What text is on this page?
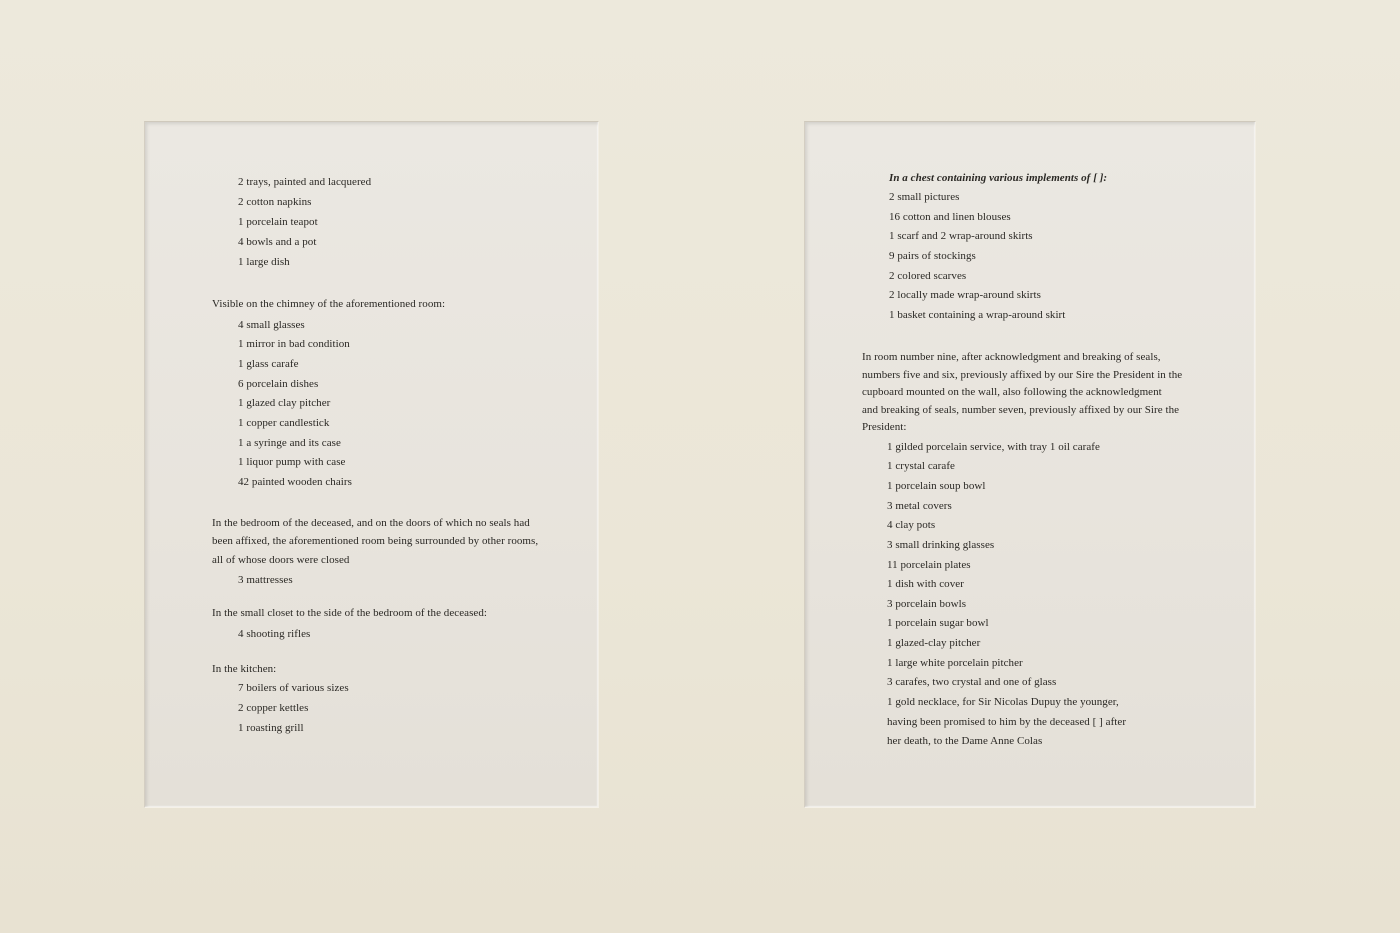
2 trays, painted and lacquered
2 cotton napkins
1 porcelain teapot
4 bowls and a pot
1 large dish
Visible on the chimney of the aforementioned room:
4 small glasses
1 mirror in bad condition
1 glass carafe
6 porcelain dishes
1 glazed clay pitcher
1 copper candlestick
1 a syringe and its case
1 liquor pump with case
42 painted wooden chairs
In the bedroom of the deceased, and on the doors of which no seals had
been affixed, the aforementioned room being surrounded by other rooms,
all of whose doors were closed
3 mattresses
In the small closet to the side of the bedroom of the deceased:
4 shooting rifles
In the kitchen:
7 boilers of various sizes
2 copper kettles
1 roasting grill
In a chest containing various implements of [ ]:
2 small pictures
16 cotton and linen blouses
1 scarf and 2 wrap-around skirts
9 pairs of stockings
2 colored scarves
2 locally made wrap-around skirts
1 basket containing a wrap-around skirt
In room number nine, after acknowledgment and breaking of seals,
numbers five and six, previously affixed by our Sire the President in the
cupboard mounted on the wall, also following the acknowledgment
and breaking of seals, number seven, previously affixed by our Sire the
President:
1 gilded porcelain service, with tray 1 oil carafe
1 crystal carafe
1 porcelain soup bowl
3 metal covers
4 clay pots
3 small drinking glasses
11 porcelain plates
1 dish with cover
3 porcelain bowls
1 porcelain sugar bowl
1 glazed-clay pitcher
1 large white porcelain pitcher
3 carafes, two crystal and one of glass
1 gold necklace, for Sir Nicolas Dupuy the younger,
having been promised to him by the deceased [ ] after
her death, to the Dame Anne Colas
